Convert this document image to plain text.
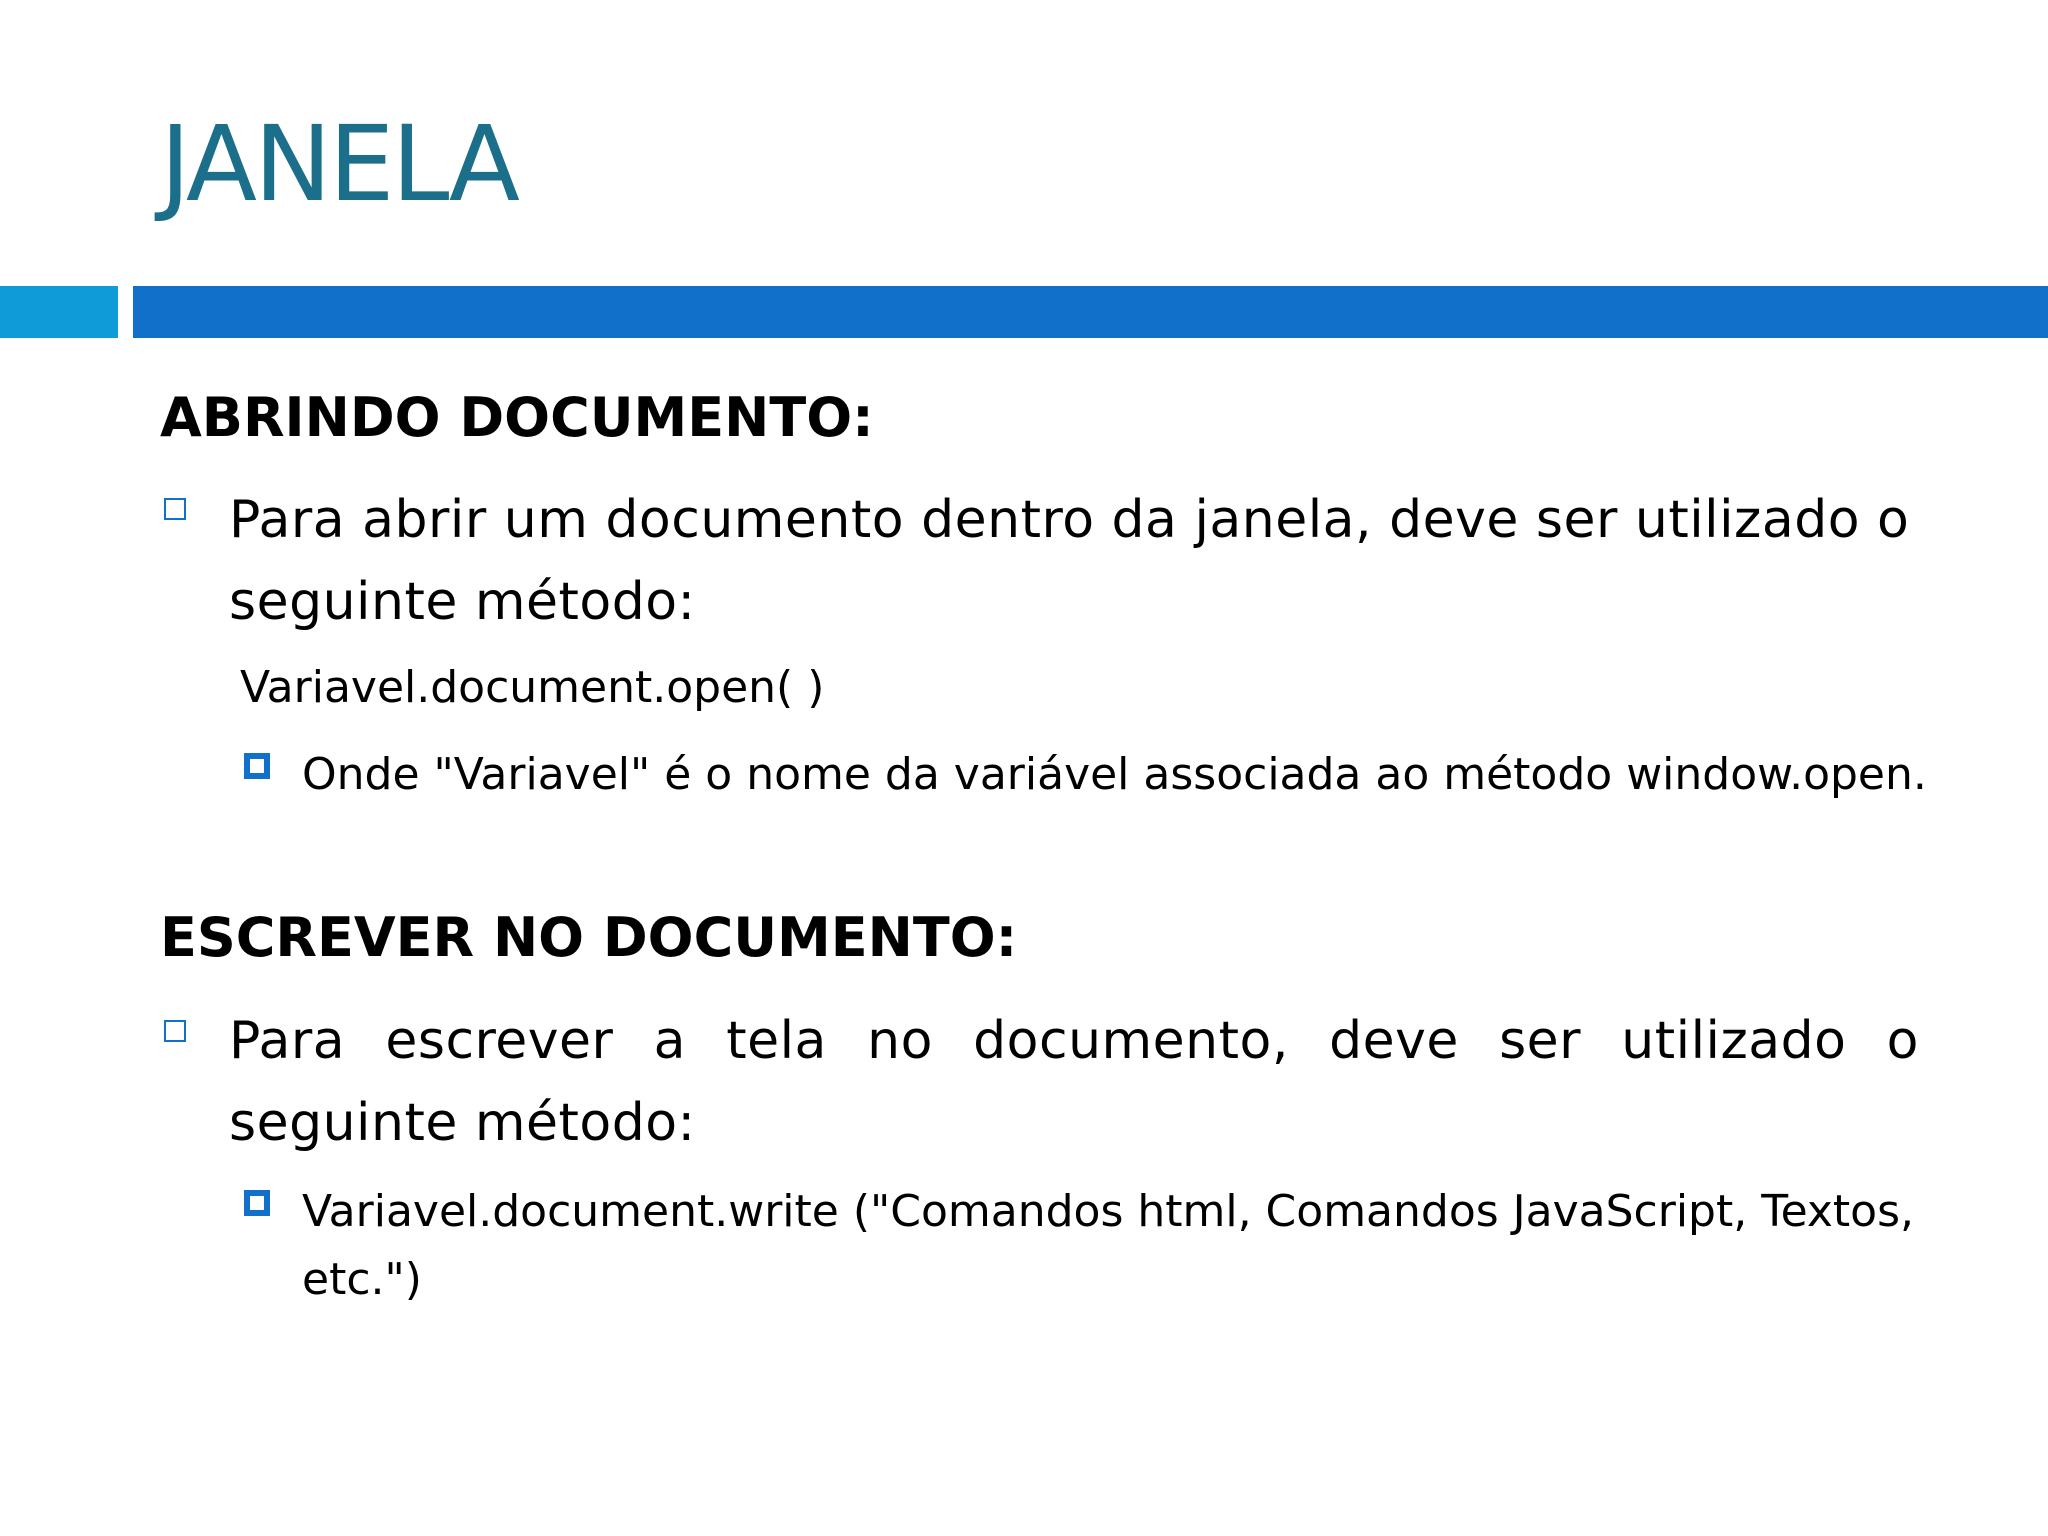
JANELA
ABRINDO DOCUMENTO:
Para abrir um documento dentro da janela, deve ser utilizado o seguinte método:
Variavel.document.open( )
Onde "Variavel" é o nome da variável associada ao método window.open.
ESCREVER NO DOCUMENTO:
Para escrever a tela no documento, deve ser utilizado o seguinte método:
Variavel.document.write ("Comandos html, Comandos JavaScript, Textos, etc.")
